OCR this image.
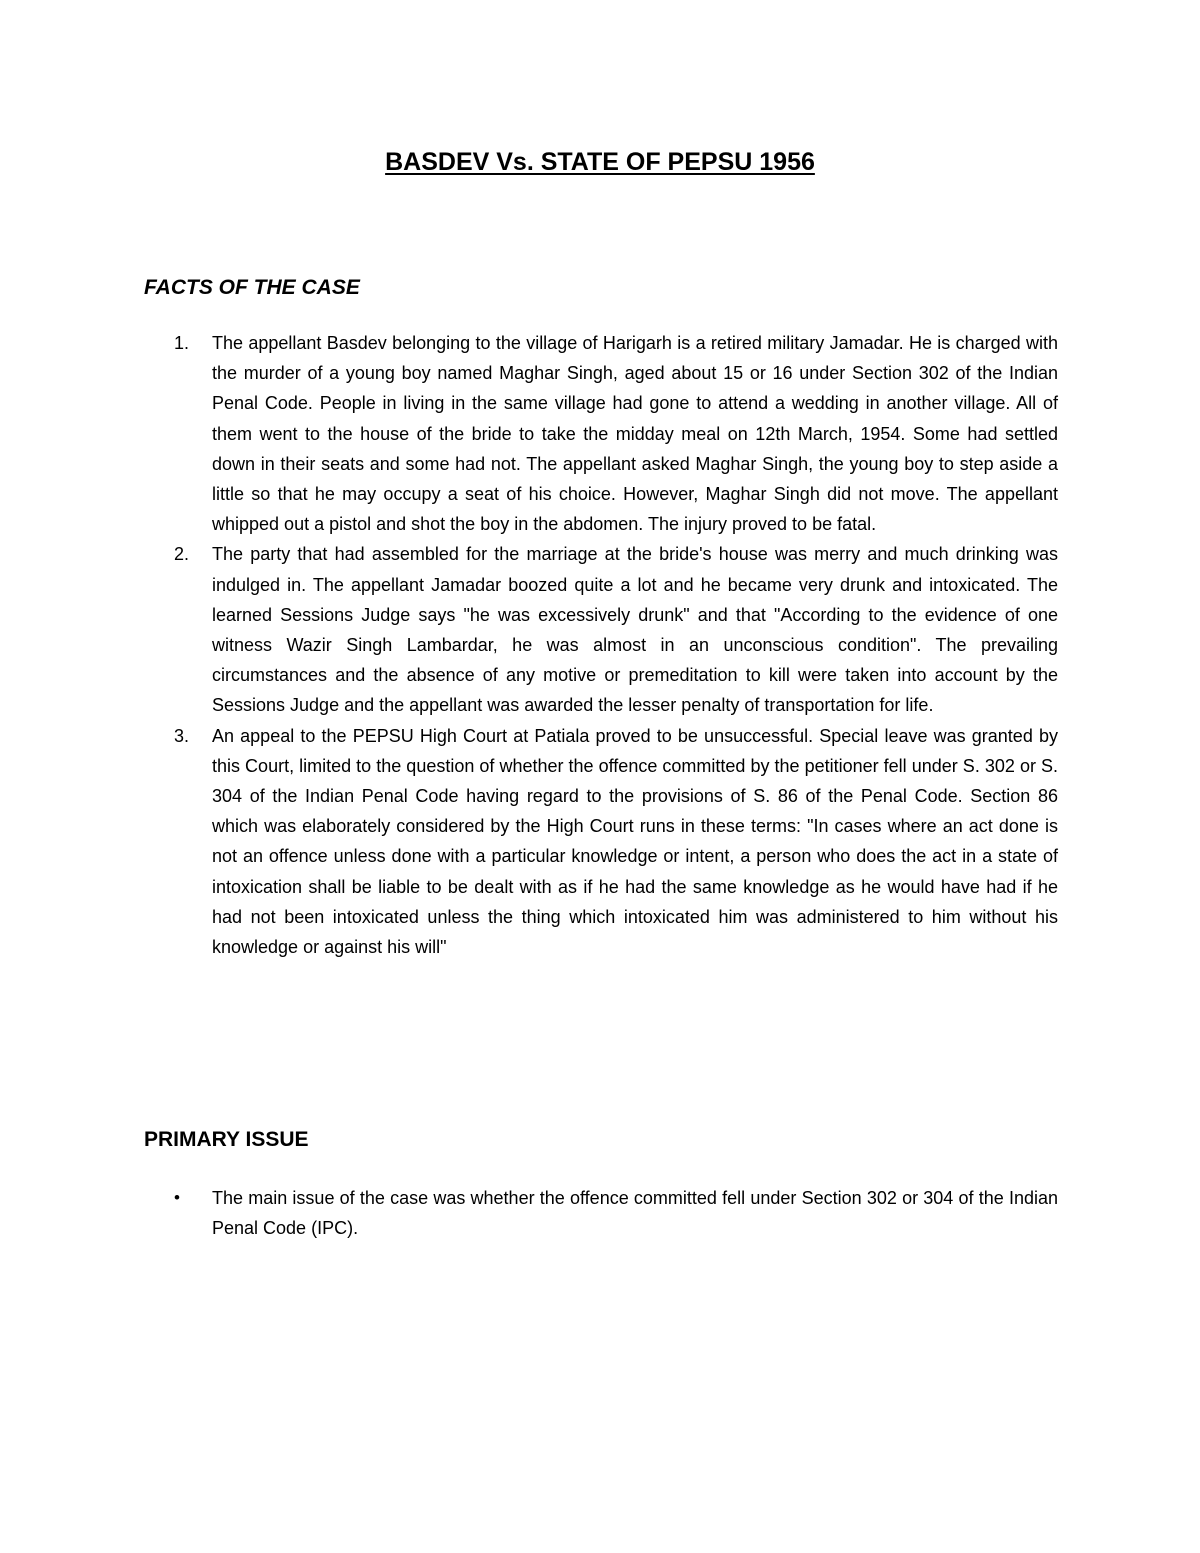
BASDEV Vs. STATE OF PEPSU 1956
FACTS OF THE CASE
1. The appellant Basdev belonging to the village of Harigarh is a retired military Jamadar. He is charged with the murder of a young boy named Maghar Singh, aged about 15 or 16 under Section 302 of the Indian Penal Code. People in living in the same village had gone to attend a wedding in another village. All of them went to the house of the bride to take the midday meal on 12th March, 1954. Some had settled down in their seats and some had not. The appellant asked Maghar Singh, the young boy to step aside a little so that he may occupy a seat of his choice. However, Maghar Singh did not move. The appellant whipped out a pistol and shot the boy in the abdomen. The injury proved to be fatal.
2. The party that had assembled for the marriage at the bride's house was merry and much drinking was indulged in. The appellant Jamadar boozed quite a lot and he became very drunk and intoxicated. The learned Sessions Judge says "he was excessively drunk" and that "According to the evidence of one witness Wazir Singh Lambardar, he was almost in an unconscious condition". The prevailing circumstances and the absence of any motive or premeditation to kill were taken into account by the Sessions Judge and the appellant was awarded the lesser penalty of transportation for life.
3. An appeal to the PEPSU High Court at Patiala proved to be unsuccessful. Special leave was granted by this Court, limited to the question of whether the offence committed by the petitioner fell under S. 302 or S. 304 of the Indian Penal Code having regard to the provisions of S. 86 of the Penal Code. Section 86 which was elaborately considered by the High Court runs in these terms: "In cases where an act done is not an offence unless done with a particular knowledge or intent, a person who does the act in a state of intoxication shall be liable to be dealt with as if he had the same knowledge as he would have had if he had not been intoxicated unless the thing which intoxicated him was administered to him without his knowledge or against his will"
PRIMARY ISSUE
• The main issue of the case was whether the offence committed fell under Section 302 or 304 of the Indian Penal Code (IPC).
